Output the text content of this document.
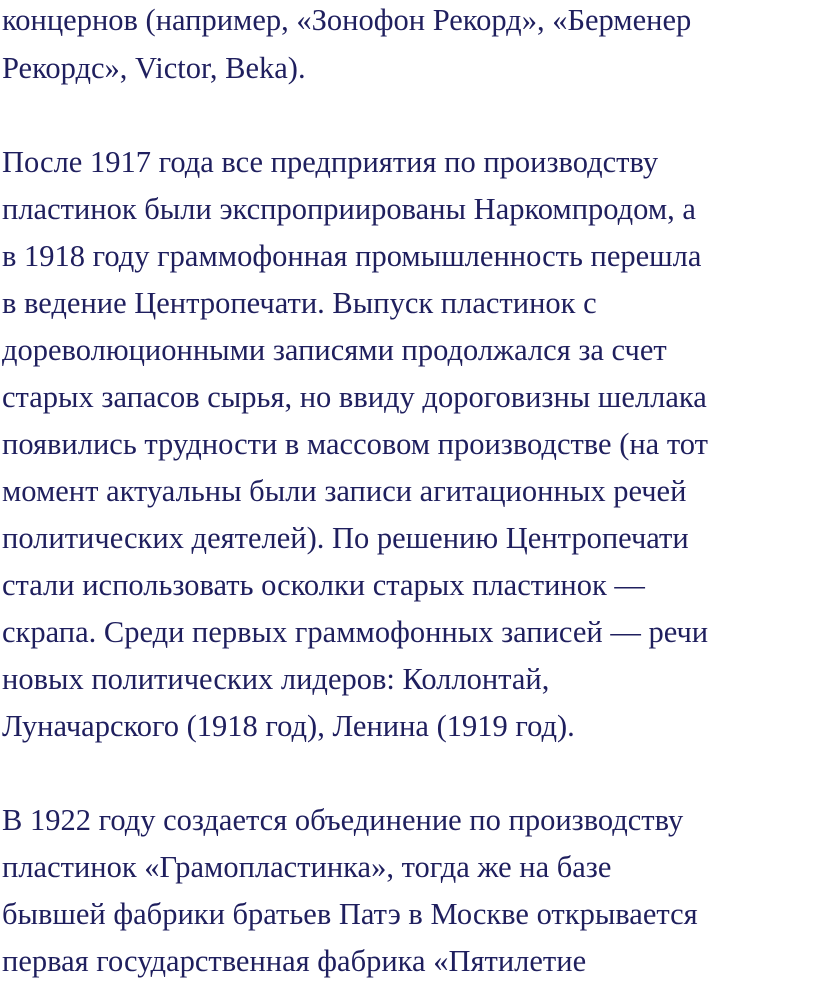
концернов (например, «Зонофон Рекорд», «Берменер
Рекордс», Victor, Beka).
После 1917 года все предприятия по производству
пластинок были экспроприированы Наркомпродом, а
в 1918 году граммофонная промышленность перешла
в ведение Центропечати. Выпуск пластинок с
дореволюционными записями продолжался за счет
старых запасов сырья, но ввиду дороговизны шеллака
появились трудности в массовом производстве (на тот
момент актуальны были записи агитационных речей
политических деятелей). По решению Центропечати
стали использовать осколки старых пластинок —
скрапа. Среди первых граммофонных записей — речи
новых политических лидеров: Коллонтай,
Луначарского (1918 год), Ленина (1919 год).
В 1922 году создается объединение по производству
пластинок «Грамопластинка», тогда же на базе
бывшей фабрики братьев Патэ в Москве открывается
первая государственная фабрика «Пятилетие
